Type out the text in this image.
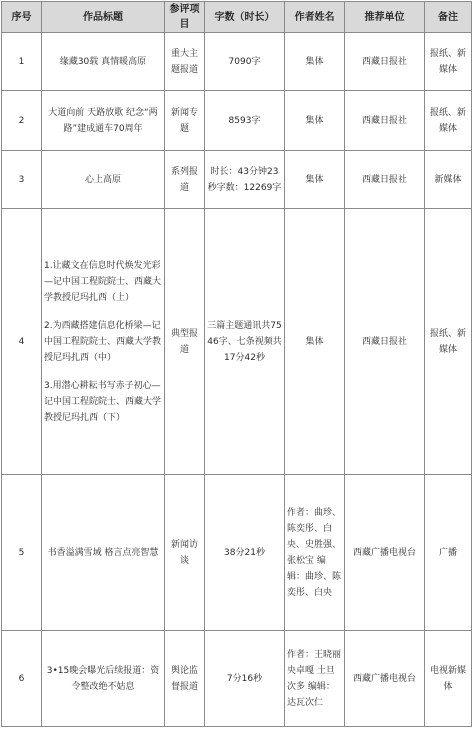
序号	作品标题	参评项目	字数（时长）	作者姓名	推荐单位	备注
1	缘藏30载 真情暖高原	重大主题报道	7090字	集体	西藏日报社	报纸、新媒体
2	大道向前 天路放歌 纪念“两路”建成通车70周年	新闻专题	8593字	集体	西藏日报社	报纸、新媒体
3	心上高原	系列报道	时长：43分钟23秒字数：12269字	集体	西藏日报社	新媒体
4	1.让藏文在信息时代焕发光彩—记中国工程院院士、西藏大学教授尼玛扎西（上）
2.为西藏搭建信息化桥梁—记中国工程院院士、西藏大学教授尼玛扎西（中）
3.用潜心耕耘书写赤子初心—记中国工程院院士、西藏大学教授尼玛扎西（下）	典型报道	三篇主题通讯共7546字、七条视频共17分42秒	集体	西藏日报社	报纸、新媒体
5	书香溢满雪域 格言点亮智慧	新闻访谈	38分21秒	作者：曲珍、陈奕彤、白央、史胜强、张松宝 编辑：曲珍、陈奕彤、白央	西藏广播电视台	广播
6	3•15晚会曝光后续报道：资令整改绝不姑息	舆论监督报道	7分16秒	作者：王晓丽 央卓嘎 土旦 次多 编辑：达瓦次仁	西藏广播电视台	电视新媒体
